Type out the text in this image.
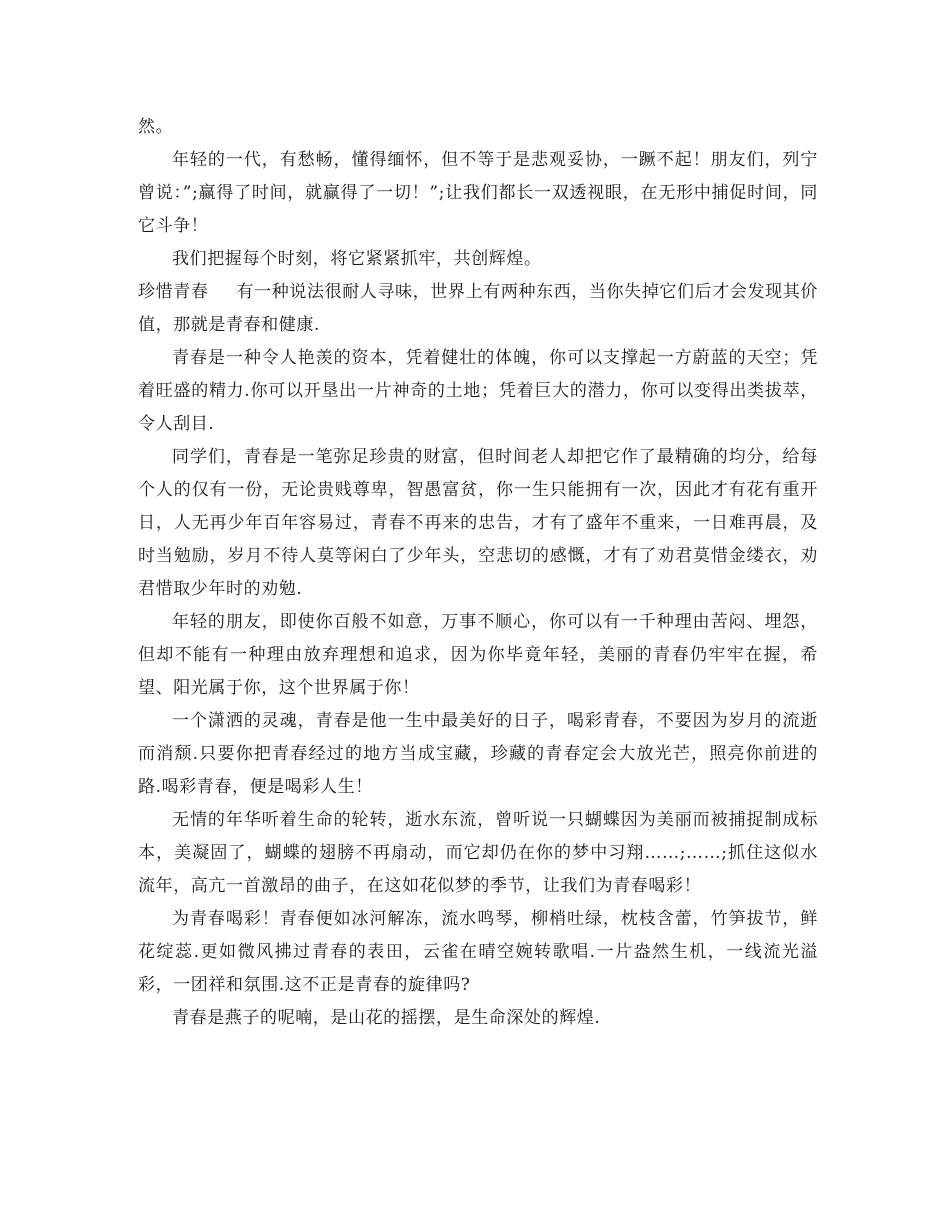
然。

年轻的一代，有愁畅，懂得缅怀，但不等于是悲观妥协，一蹶不起！朋友们，列宁曾说：”;赢得了时间，就赢得了一切！”;让我们都长一双透视眼，在无形中捕促时间，同它斗争！

我们把握每个时刻，将它紧紧抓牢，共创辉煌。

珍惜青春 有一种说法很耐人寻味，世界上有两种东西，当你失掉它们后才会发现其价值，那就是青春和健康.

青春是一种令人艳羡的资本，凭着健壮的体魄，你可以支撑起一方蔚蓝的天空；凭着旺盛的精力.你可以开垦出一片神奇的土地；凭着巨大的潜力，你可以变得出类拔萃，令人刮目.

同学们，青春是一笔弥足珍贵的财富，但时间老人却把它作了最精确的均分，给每个人的仅有一份，无论贵贱尊卑，智愚富贫，你一生只能拥有一次，因此才有花有重开日，人无再少年百年容易过，青春不再来的忠告，才有了盛年不重来，一日难再晨，及时当勉励，岁月不待人莫等闲白了少年头，空悲切的感慨，才有了劝君莫惜金缕衣，劝君惜取少年时的劝勉.

年轻的朋友，即使你百般不如意，万事不顺心，你可以有一千种理由苦闷、埋怨，但却不能有一种理由放弃理想和追求，因为你毕竟年轻，美丽的青春仍牢牢在握，希望、阳光属于你，这个世界属于你！

一个潇洒的灵魂，青春是他一生中最美好的日子，喝彩青春，不要因为岁月的流逝而消颓.只要你把青春经过的地方当成宝藏，珍藏的青春定会大放光芒，照亮你前进的路.喝彩青春，便是喝彩人生！

无情的年华听着生命的轮转，逝水东流，曾听说一只蝴蝶因为美丽而被捕捉制成标本，美凝固了，蝴蝶的翅膀不再扇动，而它却仍在你的梦中习翔……;……;抓住这似水流年，高亢一首激昂的曲子，在这如花似梦的季节，让我们为青春喝彩！

为青春喝彩！青春便如冰河解冻，流水鸣琴，柳梢吐绿，枕枝含蕾，竹笋拔节，鲜花绽蕊.更如微风拂过青春的表田，云雀在晴空婉转歌唱.一片盎然生机，一线流光溢彩，一团祥和氛围.这不正是青春的旋律吗?

青春是燕子的呢喃，是山花的摇摆，是生命深处的辉煌.
